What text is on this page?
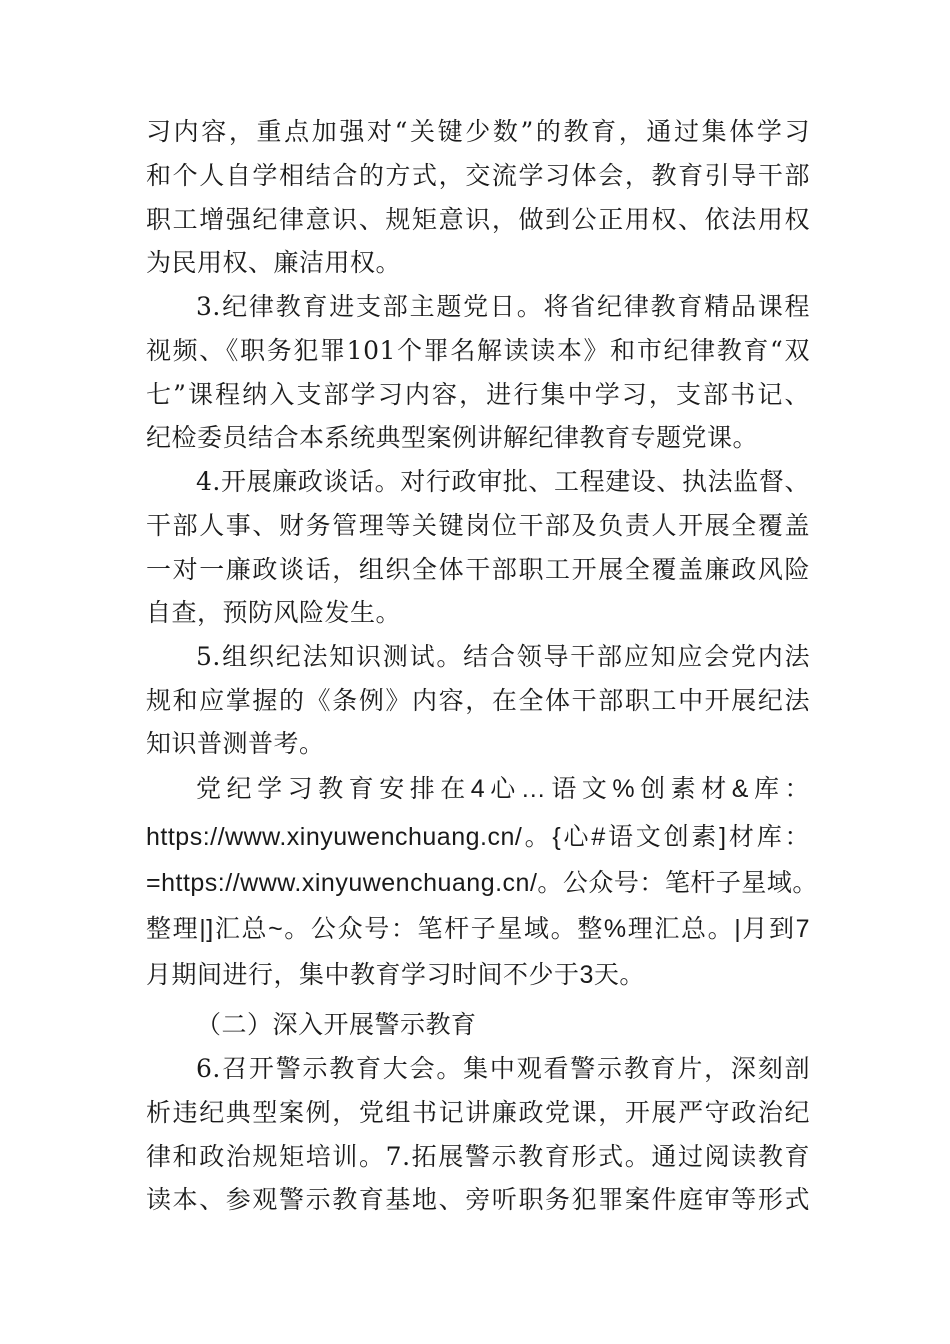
习内容，重点加强对“关键少数”的教育，通过集体学习
和个人自学相结合的方式，交流学习体会，教育引导干部
职工增强纪律意识、规矩意识，做到公正用权、依法用权
为民用权、廉洁用权。
3.纪律教育进支部主题党日。将省纪律教育精品课程
视频、《职务犯罪101个罪名解读读本》和市纪律教育“双
七”课程纳入支部学习内容，进行集中学习，支部书记、
纪检委员结合本系统典型案例讲解纪律教育专题党课。
4.开展廉政谈话。对行政审批、工程建设、执法监督、
干部人事、财务管理等关键岗位干部及负责人开展全覆盖
一对一廉政谈话，组织全体干部职工开展全覆盖廉政风险
自查，预防风险发生。
5.组织纪法知识测试。结合领导干部应知应会党内法
规和应掌握的《条例》内容，在全体干部职工中开展纪法
知识普测普考。
党纪学习教育安排在4心…语文%创素材&库：
https://www.xinyuwenchuang.cn/。{心#语文创素]材库：
=https://www.xinyuwenchuang.cn/。公众号：笔杆子星域。
整理|]汇总~。公众号：笔杆子星域。整%理汇总。|月到7
月期间进行，集中教育学习时间不少于3天。
（二）深入开展警示教育
6.召开警示教育大会。集中观看警示教育片，深刻剖
析违纪典型案例，党组书记讲廉政党课，开展严守政治纪
律和政治规矩培训。7.拓展警示教育形式。通过阅读教育
读本、参观警示教育基地、旁听职务犯罪案件庭审等形式
